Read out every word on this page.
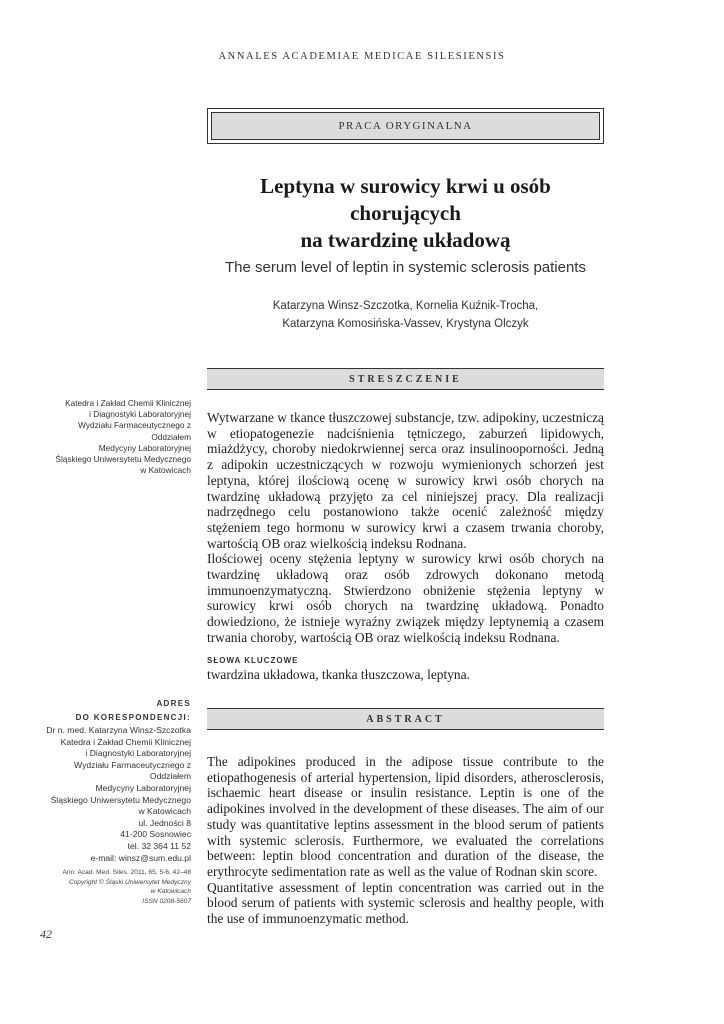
ANNALES ACADEMIAE MEDICAE SILESIENSIS
PRACA ORYGINALNA
Leptyna w surowicy krwi u osób chorujących
na twardzinę układową
The serum level of leptin in systemic sclerosis patients
Katarzyna Winsz-Szczotka, Kornelia Kuźnik-Trocha,
Katarzyna Komosińska-Vassev, Krystyna Olczyk
STRESZCZENIE
Katedra i Zakład Chemii Klinicznej
i Diagnostyki Laboratoryjnej
Wydziału Farmaceutycznego z Oddziałem
Medycyny Laboratoryjnej
Śląskiego Uniwersytetu Medycznego
w Katowicach

Wytwarzane w tkance tłuszczowej substancje, tzw. adipokiny, uczestniczą w etiopatogenezie nadciśnienia tętniczego, zaburzeń lipidowych, miażdżycy, choroby niedokrwiennej serca oraz insulinooporności. Jedną z adipokin uczestniczących w rozwoju wymienionych schorzeń jest leptyna, której ilościową ocenę w surowicy krwi osób chorych na twardzinę układową przyjęto za cel niniejszej pracy. Dla realizacji nadrzędnego celu postanowiono także ocenić zależność między stężeniem tego hormonu w surowicy krwi a czasem trwania choroby, wartością OB oraz wielkością indeksu Rodnana.

Ilościowej oceny stężenia leptyny w surowicy krwi osób chorych na twardzinę układową oraz osób zdrowych dokonano metodą immunoenzymatyczną. Stwierdzono obniżenie stężenia leptyny w surowicy krwi osób chorych na twardzinę układową. Ponadto dowiedziono, że istnieje wyraźny związek między leptynemią a czasem trwania choroby, wartością OB oraz wielkością indeksu Rodnana.

SŁOWA KLUCZOWE
twardzina układowa, tkanka tłuszczowa, leptyna.
ADRES
DO KORESPONDENCJI:
Dr n. med. Katarzyna Winsz-Szczotka
Katedra i Zakład Chemii Klinicznej
i Diagnostyki Laboratoryjnej
Wydziału Farmaceutycznego z Oddziałem
Medycyny Laboratoryjnej
Śląskiego Uniwersytetu Medycznego
w Katowicach
ul. Jedności 8
41-200 Sosnowiec
tel. 32 364 11 52
e-mail: winsz@sum.edu.pl
ABSTRACT
Ann. Acad. Med. Siles. 2011, 65, 5-6, 42–48
Copyright © Śląski Uniwersytet Medyczny
w Katowicach
ISSN 0208-5607

The adipokines produced in the adipose tissue contribute to the etiopathogenesis of arterial hypertension, lipid disorders, atherosclerosis, ischaemic heart disease or insulin resistance. Leptin is one of the adipokines involved in the development of these diseases. The aim of our study was quantitative leptins assessment in the blood serum of patients with systemic sclerosis. Furthermore, we evaluated the correlations between: leptin blood concentration and duration of the disease, the erythrocyte sedimentation rate as well as the value of Rodnan skin score.

Quantitative assessment of leptin concentration was carried out in the blood serum of patients with systemic sclerosis and healthy people, with the use of immunoenzymatic method.

42
